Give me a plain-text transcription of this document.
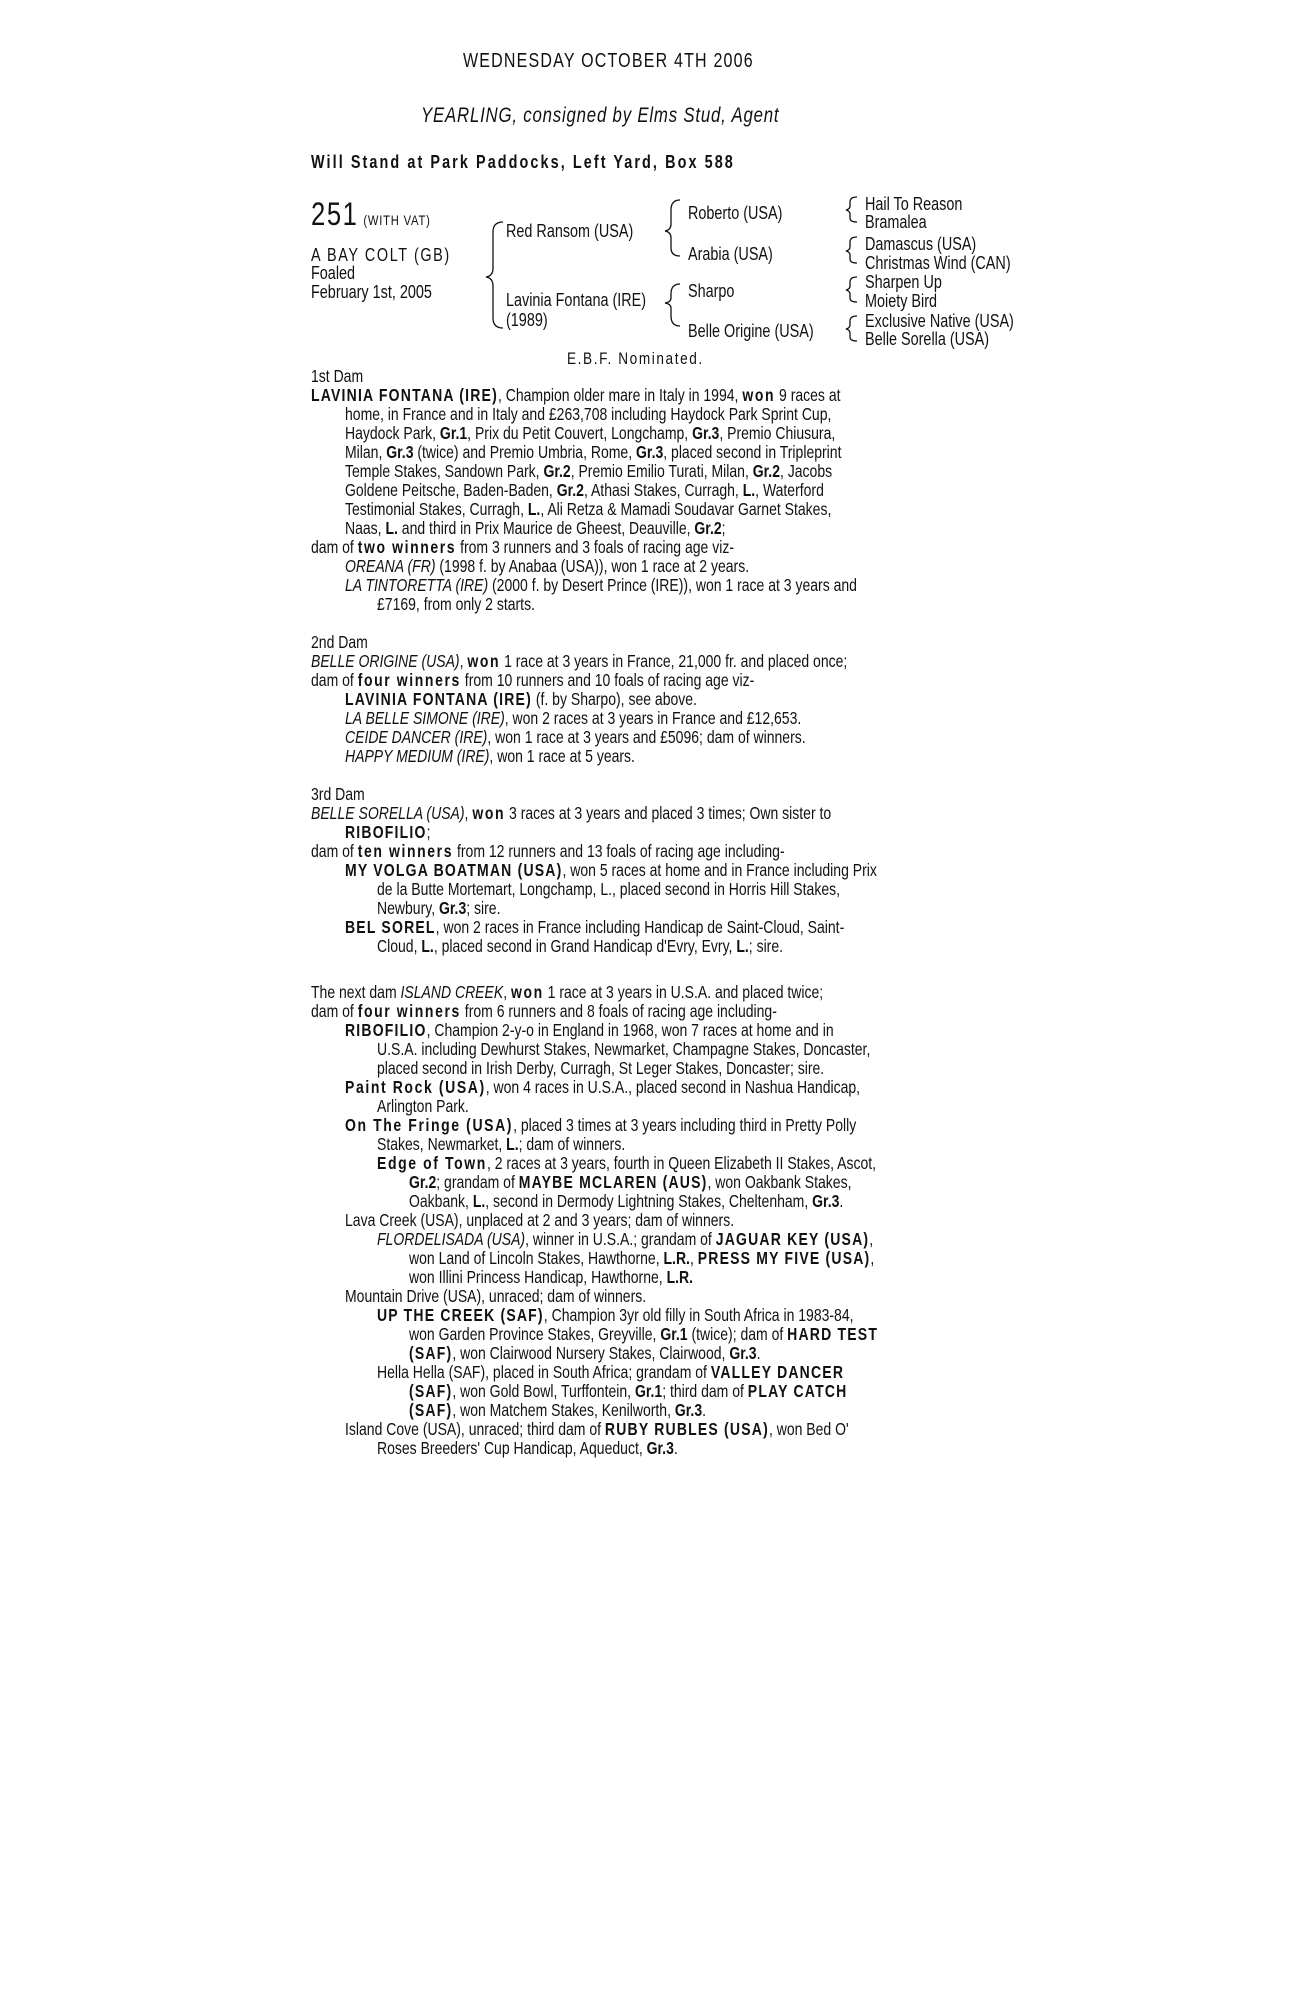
WEDNESDAY OCTOBER 4TH 2006
YEARLING, consigned by Elms Stud, Agent
Will Stand at Park Paddocks, Left Yard, Box 588
251 (WITH VAT)
A BAY COLT (GB)
Foaled
February 1st, 2005
Red Ransom (USA)
Lavinia Fontana (IRE)
(1989)
Roberto (USA)
Arabia (USA)
Sharpo
Belle Origine (USA)
Hail To Reason
Bramalea
Damascus (USA)
Christmas Wind (CAN)
Sharpen Up
Moiety Bird
Exclusive Native (USA)
Belle Sorella (USA)
E.B.F. Nominated.
1st Dam
LAVINIA FONTANA (IRE), Champion older mare in Italy in 1994, won 9 races at
home, in France and in Italy and £263,708 including Haydock Park Sprint Cup,
Haydock Park, Gr.1, Prix du Petit Couvert, Longchamp, Gr.3, Premio Chiusura,
Milan, Gr.3 (twice) and Premio Umbria, Rome, Gr.3, placed second in Tripleprint
Temple Stakes, Sandown Park, Gr.2, Premio Emilio Turati, Milan, Gr.2, Jacobs
Goldene Peitsche, Baden-Baden, Gr.2, Athasi Stakes, Curragh, L., Waterford
Testimonial Stakes, Curragh, L., Ali Retza & Mamadi Soudavar Garnet Stakes,
Naas, L. and third in Prix Maurice de Gheest, Deauville, Gr.2;
dam of two winners from 3 runners and 3 foals of racing age viz-
OREANA (FR) (1998 f. by Anabaa (USA)), won 1 race at 2 years.
LA TINTORETTA (IRE) (2000 f. by Desert Prince (IRE)), won 1 race at 3 years and
£7169, from only 2 starts.
2nd Dam
BELLE ORIGINE (USA), won 1 race at 3 years in France, 21,000 fr. and placed once;
dam of four winners from 10 runners and 10 foals of racing age viz-
LAVINIA FONTANA (IRE) (f. by Sharpo), see above.
LA BELLE SIMONE (IRE), won 2 races at 3 years in France and £12,653.
CEIDE DANCER (IRE), won 1 race at 3 years and £5096; dam of winners.
HAPPY MEDIUM (IRE), won 1 race at 5 years.
3rd Dam
BELLE SORELLA (USA), won 3 races at 3 years and placed 3 times; Own sister to
RIBOFILIO;
dam of ten winners from 12 runners and 13 foals of racing age including-
MY VOLGA BOATMAN (USA), won 5 races at home and in France including Prix
de la Butte Mortemart, Longchamp, L., placed second in Horris Hill Stakes,
Newbury, Gr.3; sire.
BEL SOREL, won 2 races in France including Handicap de Saint-Cloud, Saint-
Cloud, L., placed second in Grand Handicap d'Evry, Evry, L.; sire.
The next dam ISLAND CREEK, won 1 race at 3 years in U.S.A. and placed twice;
dam of four winners from 6 runners and 8 foals of racing age including-
RIBOFILIO, Champion 2-y-o in England in 1968, won 7 races at home and in
U.S.A. including Dewhurst Stakes, Newmarket, Champagne Stakes, Doncaster,
placed second in Irish Derby, Curragh, St Leger Stakes, Doncaster; sire.
Paint Rock (USA), won 4 races in U.S.A., placed second in Nashua Handicap,
Arlington Park.
On The Fringe (USA), placed 3 times at 3 years including third in Pretty Polly
Stakes, Newmarket, L.; dam of winners.
Edge of Town, 2 races at 3 years, fourth in Queen Elizabeth II Stakes, Ascot,
Gr.2; grandam of MAYBE MCLAREN (AUS), won Oakbank Stakes,
Oakbank, L., second in Dermody Lightning Stakes, Cheltenham, Gr.3.
Lava Creek (USA), unplaced at 2 and 3 years; dam of winners.
FLORDELISADA (USA), winner in U.S.A.; grandam of JAGUAR KEY (USA),
won Land of Lincoln Stakes, Hawthorne, L.R., PRESS MY FIVE (USA),
won Illini Princess Handicap, Hawthorne, L.R.
Mountain Drive (USA), unraced; dam of winners.
UP THE CREEK (SAF), Champion 3yr old filly in South Africa in 1983-84,
won Garden Province Stakes, Greyville, Gr.1 (twice); dam of HARD TEST
(SAF), won Clairwood Nursery Stakes, Clairwood, Gr.3.
Hella Hella (SAF), placed in South Africa; grandam of VALLEY DANCER
(SAF), won Gold Bowl, Turffontein, Gr.1; third dam of PLAY CATCH
(SAF), won Matchem Stakes, Kenilworth, Gr.3.
Island Cove (USA), unraced; third dam of RUBY RUBLES (USA), won Bed O'
Roses Breeders' Cup Handicap, Aqueduct, Gr.3.
